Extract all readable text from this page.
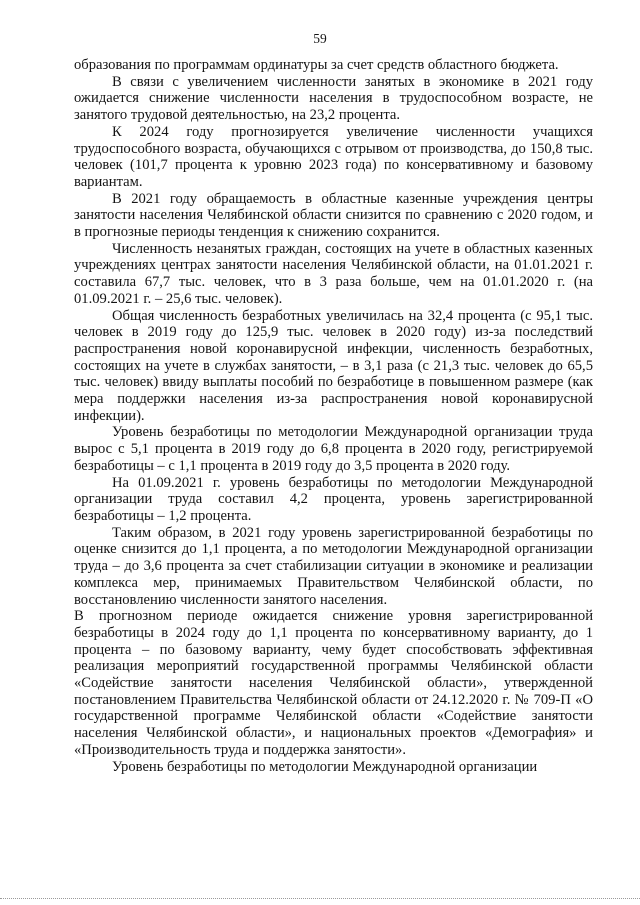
59

образования по программам ординатуры за счет средств областного бюджета.

В связи с увеличением численности занятых в экономике в 2021 году ожидается снижение численности населения в трудоспособном возрасте, не занятого трудовой деятельностью, на 23,2 процента.

К 2024 году прогнозируется увеличение численности учащихся трудоспособного возраста, обучающихся с отрывом от производства, до 150,8 тыс. человек (101,7 процента к уровню 2023 года) по консервативному и базовому вариантам.

В 2021 году обращаемость в областные казенные учреждения центры занятости населения Челябинской области снизится по сравнению с 2020 годом, и в прогнозные периоды тенденция к снижению сохранится.

Численность незанятых граждан, состоящих на учете в областных казенных учреждениях центрах занятости населения Челябинской области, на 01.01.2021 г. составила 67,7 тыс. человек, что в 3 раза больше, чем на 01.01.2020 г. (на 01.09.2021 г. – 25,6 тыс. человек).

Общая численность безработных увеличилась на 32,4 процента (с 95,1 тыс. человек в 2019 году до 125,9 тыс. человек в 2020 году) из-за последствий распространения новой коронавирусной инфекции, численность безработных, состоящих на учете в службах занятости, – в 3,1 раза (с 21,3 тыс. человек до 65,5 тыс. человек) ввиду выплаты пособий по безработице в повышенном размере (как мера поддержки населения из-за распространения новой коронавирусной инфекции).

Уровень безработицы по методологии Международной организации труда вырос с 5,1 процента в 2019 году до 6,8 процента в 2020 году, регистрируемой безработицы – с 1,1 процента в 2019 году до 3,5 процента в 2020 году.

На 01.09.2021 г. уровень безработицы по методологии Международной организации труда составил 4,2 процента, уровень зарегистрированной безработицы – 1,2 процента.

Таким образом, в 2021 году уровень зарегистрированной безработицы по оценке снизится до 1,1 процента, а по методологии Международной организации труда – до 3,6 процента за счет стабилизации ситуации в экономике и реализации комплекса мер, принимаемых Правительством Челябинской области, по восстановлению численности занятого населения.

В прогнозном периоде ожидается снижение уровня зарегистрированной безработицы в 2024 году до 1,1 процента по консервативному варианту, до 1 процента – по базовому варианту, чему будет способствовать эффективная реализация мероприятий государственной программы Челябинской области «Содействие занятости населения Челябинской области», утвержденной постановлением Правительства Челябинской области от 24.12.2020 г. № 709-П «О государственной программе Челябинской области «Содействие занятости населения Челябинской области», и национальных проектов «Демография» и «Производительность труда и поддержка занятости».

Уровень безработицы по методологии Международной организации
